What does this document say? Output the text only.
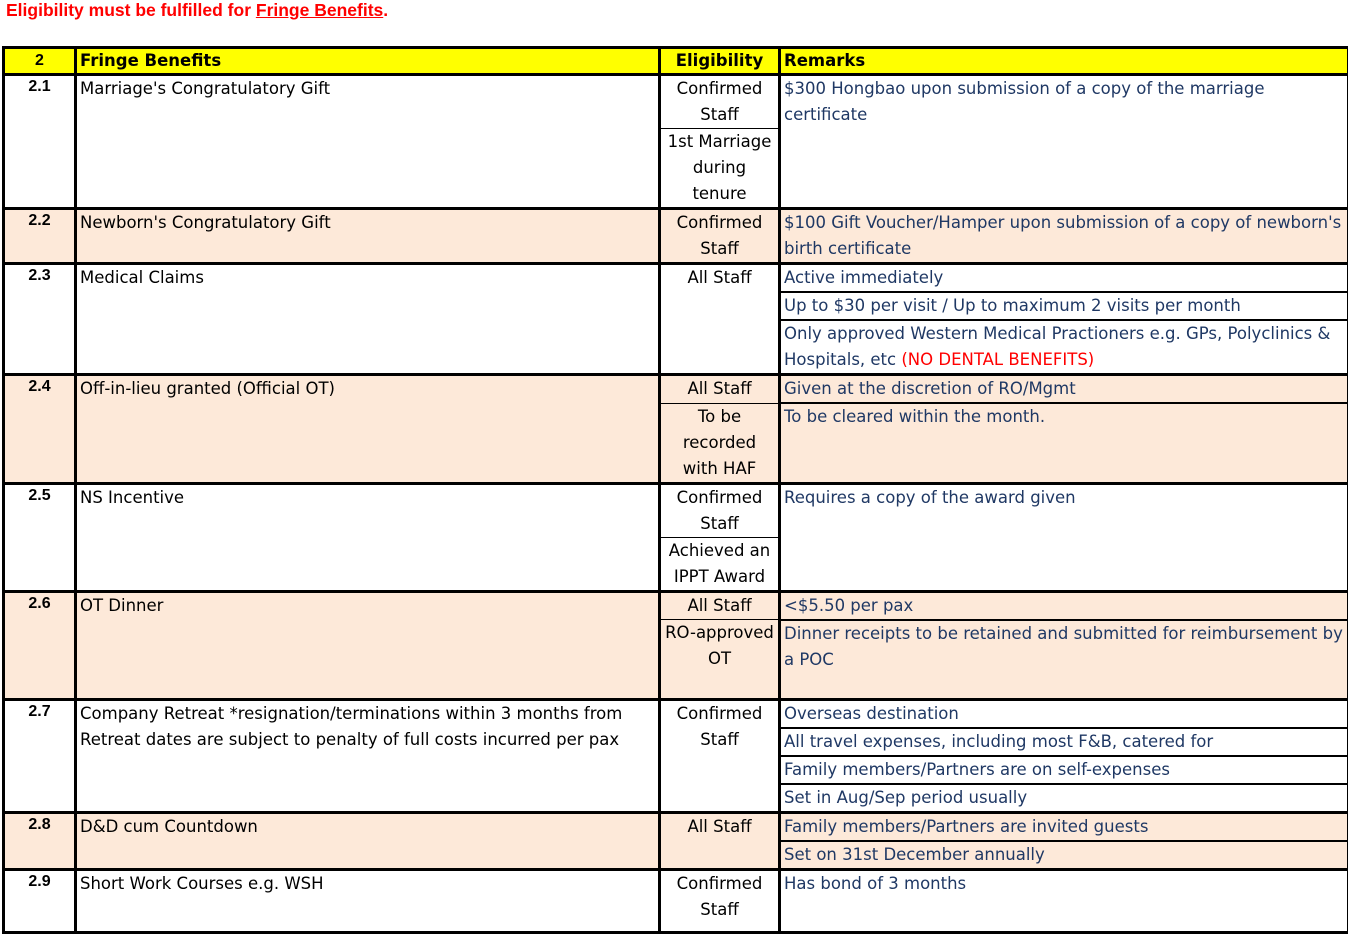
Eligibility must be fulfilled for Fringe Benefits.
2	Fringe Benefits	Eligibility	Remarks
2.1	Marriage's Congratulatory Gift	Confirmed Staff	$300 Hongbao upon submission of a copy of the marriage certificate
		1st Marriage during tenure	
2.2	Newborn's Congratulatory Gift	Confirmed Staff	$100 Gift Voucher/Hamper upon submission of a copy of newborn's birth certificate
2.3	Medical Claims	All Staff	Active immediately
			Up to $30 per visit / Up to maximum 2 visits per month
			Only approved Western Medical Practioners e.g. GPs, Polyclinics & Hospitals, etc (NO DENTAL BENEFITS)
2.4	Off-in-lieu granted (Official OT)	All Staff	Given at the discretion of RO/Mgmt
		To be recorded with HAF	To be cleared within the month.
2.5	NS Incentive	Confirmed Staff	Requires a copy of the award given
		Achieved an IPPT Award	
2.6	OT Dinner	All Staff	<$5.50 per pax
		RO-approved OT	Dinner receipts to be retained and submitted for reimbursement by a POC
2.7	Company Retreat *resignation/terminations within 3 months from Retreat dates are subject to penalty of full costs incurred per pax	Confirmed Staff	Overseas destination
			All travel expenses, including most F&B, catered for
			Family members/Partners are on self-expenses
			Set in Aug/Sep period usually
2.8	D&D cum Countdown	All Staff	Family members/Partners are invited guests
			Set on 31st December annually
2.9	Short Work Courses e.g. WSH	Confirmed Staff	Has bond of 3 months
